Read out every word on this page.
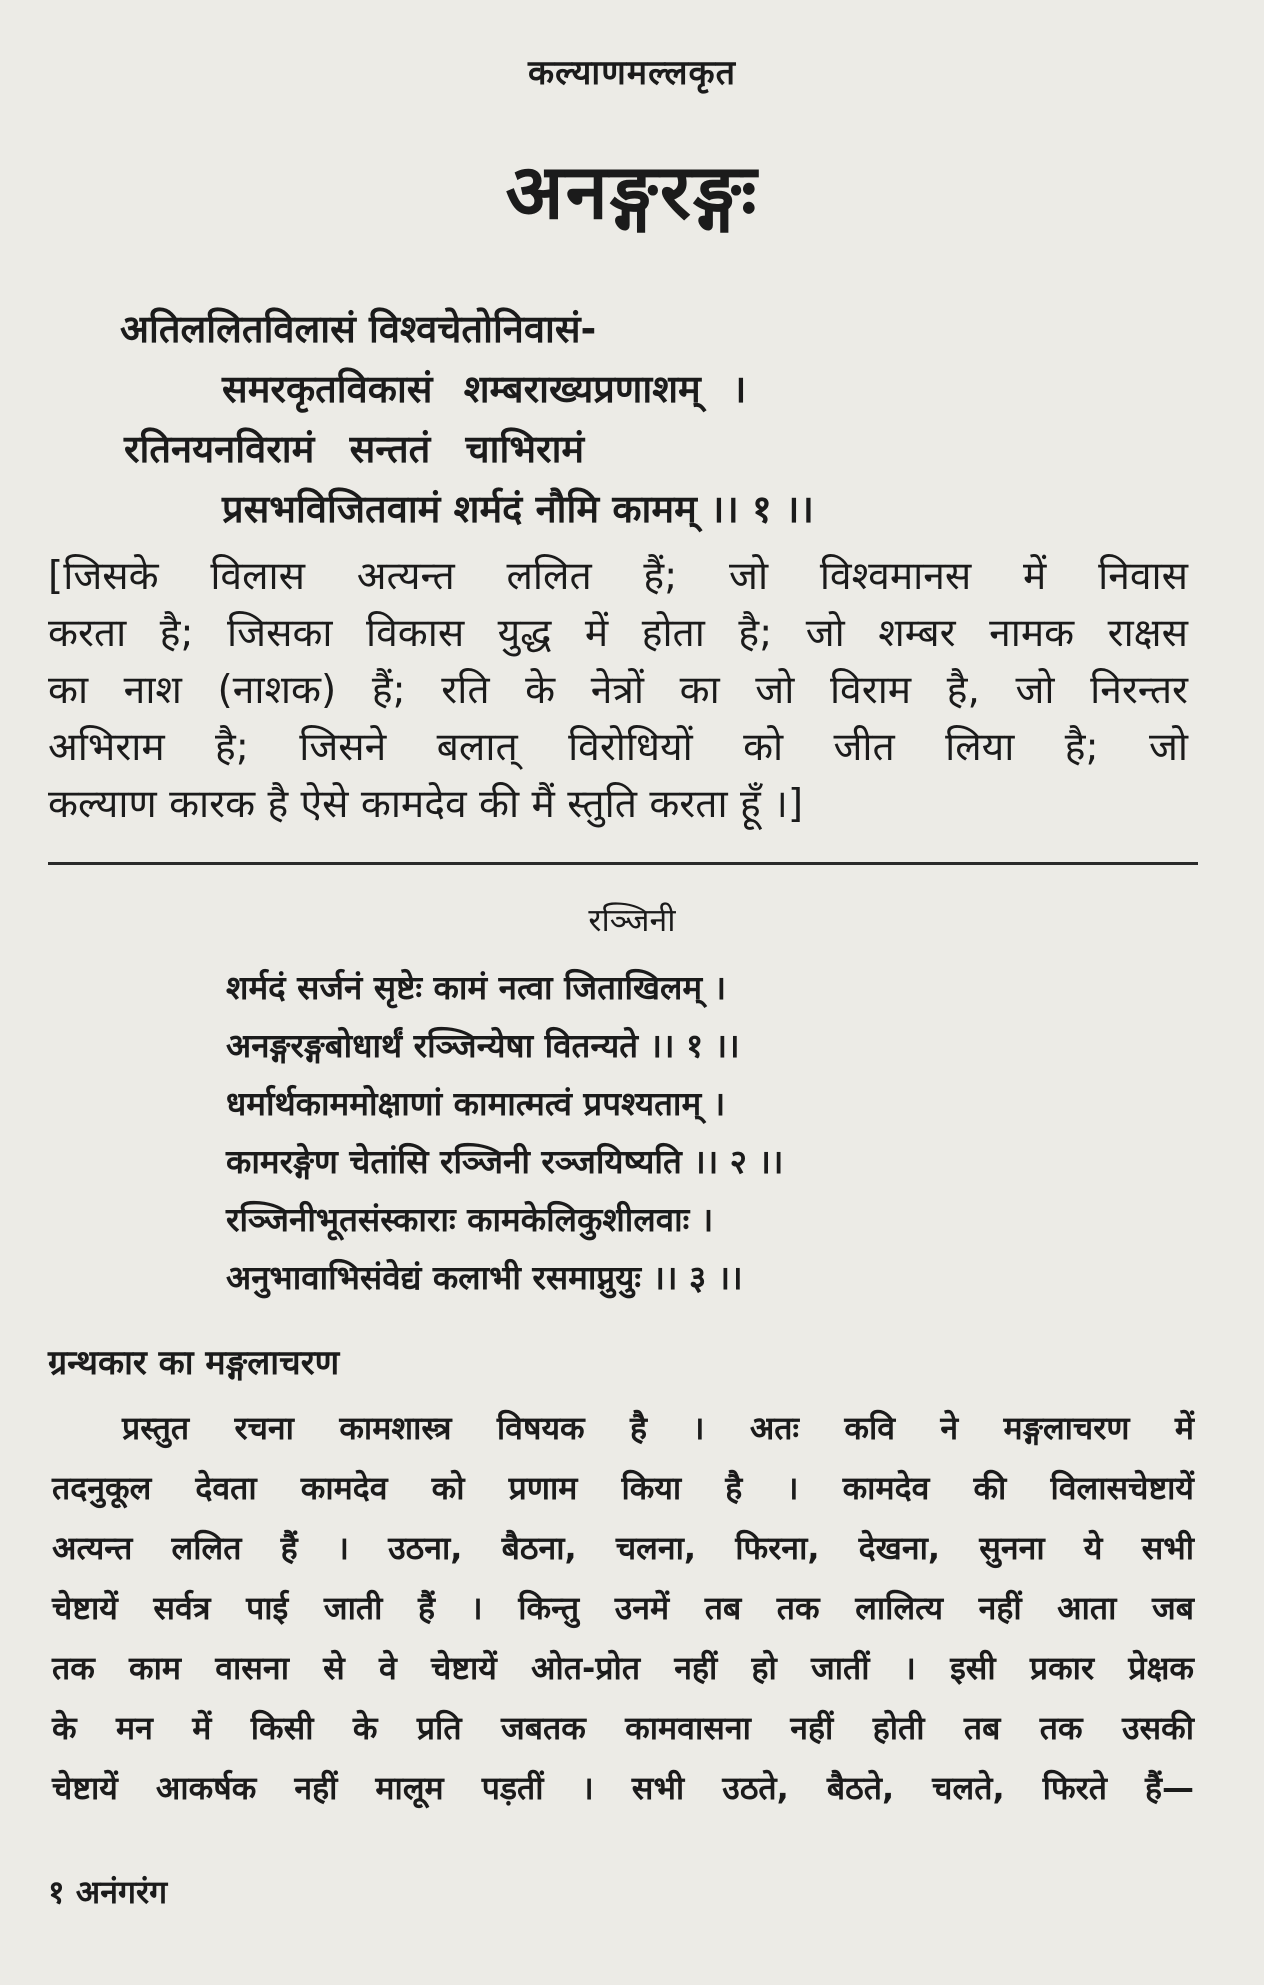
कल्याणमल्लकृत
अनङ्गरङ्गः
अतिललितविलासं विश्वचेतोनिवासं-
समरकृतविकासं शम्बराख्यप्रणाशम् ।
रतिनयनविरामं सन्ततं चाभिरामं
प्रसभविजितवामं शर्मदं नौमि कामम् ।। १ ।।
[जिसके विलास अत्यन्त ललित हैं; जो विश्वमानस में निवास
करता है; जिसका विकास युद्ध में होता है; जो शम्बर नामक राक्षस
का नाश (नाशक) हैं; रति के नेत्रों का जो विराम है, जो निरन्तर
अभिराम है; जिसने बलात् विरोधियों को जीत लिया है; जो
कल्याण कारक है ऐसे कामदेव की मैं स्तुति करता हूँ ।]
रञ्जिनी
शर्मदं सर्जनं सृष्टेः कामं नत्वा जिताखिलम् ।
अनङ्गरङ्गबोधार्थं रञ्जिन्येषा वितन्यते ।। १ ।।
धर्मार्थकाममोक्षाणां कामात्मत्वं प्रपश्यताम् ।
कामरङ्गेण चेतांसि रञ्जिनी रञ्जयिष्यति ।। २ ।।
रञ्जिनीभूतसंस्काराः कामकेलिकुशीलवाः ।
अनुभावाभिसंवेद्यं कलाभी रसमाप्नुयुः ।। ३ ।।
ग्रन्थकार का मङ्गलाचरण
प्रस्तुत रचना कामशास्त्र विषयक है । अतः कवि ने मङ्गलाचरण में
तदनुकूल देवता कामदेव को प्रणाम किया है । कामदेव की विलासचेष्टायें
अत्यन्त ललित हैं । उठना, बैठना, चलना, फिरना, देखना, सुनना ये सभी
चेष्टायें सर्वत्र पाई जाती हैं । किन्तु उनमें तब तक लालित्य नहीं आता जब
तक काम वासना से वे चेष्टायें ओत-प्रोत नहीं हो जातीं । इसी प्रकार प्रेक्षक
के मन में किसी के प्रति जबतक कामवासना नहीं होती तब तक उसकी
चेष्टायें आकर्षक नहीं मालूम पड़तीं । सभी उठते, बैठते, चलते, फिरते हैं—
१ अनंगरंग
